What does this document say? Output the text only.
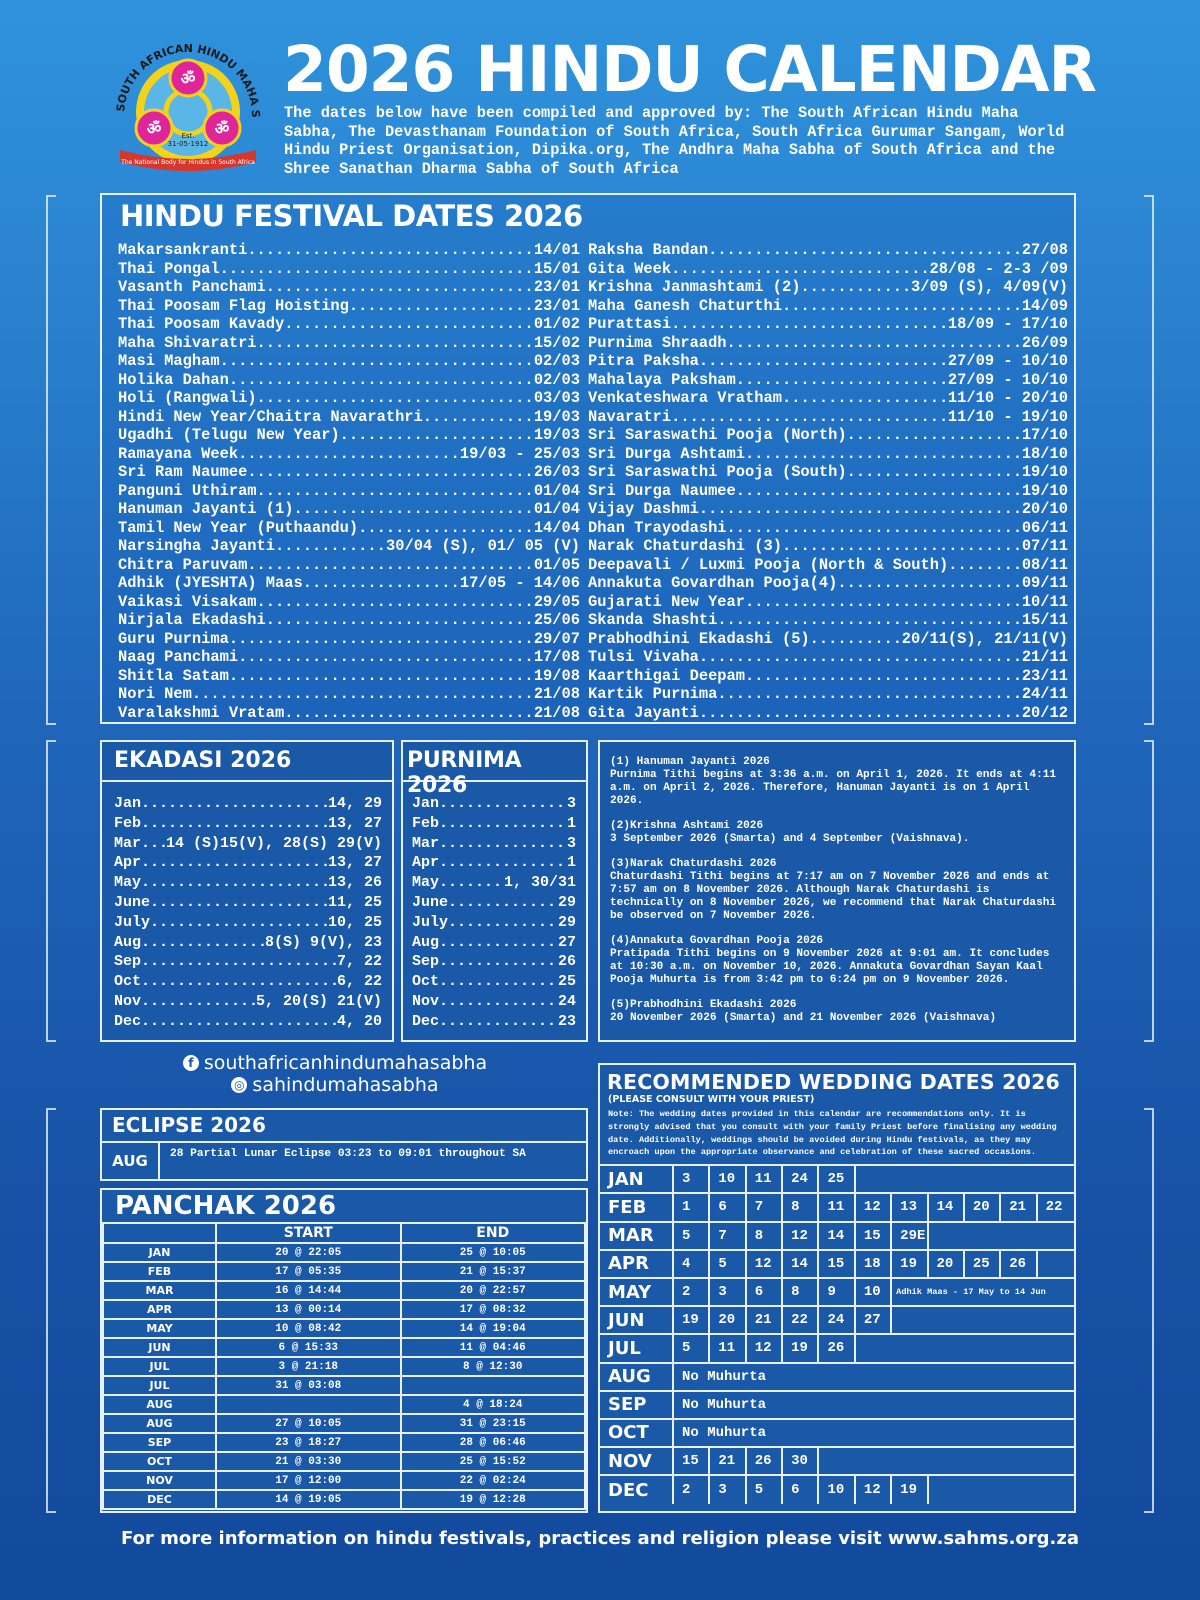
SOUTH AFRICAN HINDU MAHA S
ॐ
ॐ	ॐ
Est.
31-05-1912
The National Body for Hindus in South Africa
2026 HINDU CALENDAR
The dates below have been compiled and approved by: The South African Hindu Maha Sabha, The Devasthanam Foundation of South Africa, South Africa Gurumar Sangam, World Hindu Priest Organisation, Dipika.org, The Andhra Maha Sabha of South Africa and the Shree Sanathan Dharma Sabha of South Africa
HINDU FESTIVAL DATES 2026
Makarsankranti .....	14/01
Thai Pongal .....	15/01
Vasanth Panchami .....	23/01
Thai Poosam Flag Hoisting .....	23/01
Thai Poosam Kavady .....	01/02
Maha Shivaratri .....	15/02
Masi Magham .....	02/03
Holika Dahan .....	02/03
Holi (Rangwali) .....	03/03
Hindi New Year/Chaitra Navarathri .....	19/03
Ugadhi (Telugu New Year) .....	19/03
Ramayana Week .....	19/03 - 25/03
Sri Ram Naumee .....	26/03
Panguni Uthiram .....	01/04
Hanuman Jayanti (1) .....	01/04
Tamil New Year (Puthaandu) .....	14/04
Narsingha Jayanti .....	30/04 (S), 01/ 05 (V)
Chitra Paruvam .....	01/05
Adhik (JYESHTA) Maas .....	17/05 - 14/06
Vaikasi Visakam .....	29/05
Nirjala Ekadashi .....	25/06
Guru Purnima .....	29/07
Naag Panchami .....	17/08
Shitla Satam .....	19/08
Nori Nem .....	21/08
Varalakshmi Vratam .....	21/08
Raksha Bandan .....	27/08
Gita Week .....	28/08 - 2-3 /09
Krishna Janmashtami (2) .....	3/09 (S), 4/09(V)
Maha Ganesh Chaturthi .....	14/09
Purattasi .....	18/09 - 17/10
Purnima Shraadh .....	26/09
Pitra Paksha .....	27/09 - 10/10
Mahalaya Paksham .....	27/09 - 10/10
Venkateshwara Vratham .....	11/10 - 20/10
Navaratri .....	11/10 - 19/10
Sri Saraswathi Pooja (North) .....	17/10
Sri Durga Ashtami .....	18/10
Sri Saraswathi Pooja (South) .....	19/10
Sri Durga Naumee .....	19/10
Vijay Dashmi .....	20/10
Dhan Trayodashi .....	06/11
Narak Chaturdashi (3) .....	07/11
Deepavali / Luxmi Pooja (North & South) .....	08/11
Annakuta Govardhan Pooja(4) .....	09/11
Gujarati New Year .....	10/11
Skanda Shashti .....	15/11
Prabhodhini Ekadashi (5) .....	20/11(S), 21/11(V)
Tulsi Vivaha .....	21/11
Kaarthigai Deepam .....	23/11
Kartik Purnima .....	24/11
Gita Jayanti .....	20/12
EKADASI 2026
Jan .....	14, 29
Feb .....	13, 27
Mar ..... 14 (S)15(V), 28(S) 29(V)
Apr .....	13, 27
May .....	13, 26
June .....	11, 25
July .....	10, 25
Aug .....	8(S) 9(V), 23
Sep .....	7, 22
Oct .....	6, 22
Nov .....	5, 20(S) 21(V)
Dec .....	4, 20
PURNIMA 2026
Jan .....	3
Feb .....	1
Mar .....	3
Apr .....	1
May .....	1, 30/31
June .....	29
July .....	29
Aug .....	27
Sep .....	26
Oct .....	25
Nov .....	24
Dec .....	23

(1) Hanuman Jayanti 2026
Purnima Tithi begins at 3:36 a.m. on April 1, 2026. It ends at 4:11 a.m. on April 2, 2026. Therefore, Hanuman Jayanti is on 1 April 2026.

(2)Krishna Ashtami 2026
3 September 2026 (Smarta) and 4 September (Vaishnava).

(3)Narak Chaturdashi 2026
Chaturdashi Tithi begins at 7:17 am on 7 November 2026 and ends at 7:57 am on 8 November 2026. Although Narak Chaturdashi is technically on 8 November 2026, we recommend that Narak Chaturdashi be observed on 7 November 2026.

(4)Annakuta Govardhan Pooja 2026
Pratipada Tithi begins on 9 November 2026 at 9:01 am. It concludes at 10:30 a.m. on November 10, 2026. Annakuta Govardhan Sayan Kaal Pooja Muhurta is from 3:42 pm to 6:24 pm on 9 November 2026.

(5)Prabhodhini Ekadashi 2026
20 November 2026 (Smarta) and 21 November 2026 (Vaishnava)

f southafricanhindumahasabha
◎ sahindumahasabha
ECLIPSE 2026
AUG	28 Partial Lunar Eclipse 03:23 to 09:01 throughout SA
PANCHAK 2026
	START	END
JAN	20 @ 22:05	25 @ 10:05
FEB	17 @ 05:35	21 @ 15:37
MAR	16 @ 14:44	20 @ 22:57
APR	13 @ 00:14	17 @ 08:32
MAY	10 @ 08:42	14 @ 19:04
JUN	6 @ 15:33	11 @ 04:46
JUL	3 @ 21:18	8 @ 12:30
JUL	31 @ 03:08	
AUG		4 @ 18:24
AUG	27 @ 10:05	31 @ 23:15
SEP	23 @ 18:27	28 @ 06:46
OCT	21 @ 03:30	25 @ 15:52
NOV	17 @ 12:00	22 @ 02:24
DEC	14 @ 19:05	19 @ 12:28
RECOMMENDED WEDDING DATES 2026
(PLEASE CONSULT WITH YOUR PRIEST)
Note: The wedding dates provided in this calendar are recommendations only. It is strongly advised that you consult with your family Priest before finalising any wedding date. Additionally, weddings should be avoided during Hindu festivals, as they may encroach upon the appropriate observance and celebration of these sacred occasions.
JAN	3	10	11	24	25
FEB	1	6	7	8	11	12	13	14	20	21	22
MAR	5	7	8	12	14	15	29E
APR	4	5	12	14	15	18	19	20	25	26
MAY	2	3	6	8	9	10	Adhik Maas - 17 May to 14 Jun
JUN	19	20	21	22	24	27
JUL	5	11	12	19	26
AUG	No Muhurta
SEP	No Muhurta
OCT	No Muhurta
NOV	15	21	26	30
DEC	2	3	5	6	10	12	19
For more information on hindu festivals, practices and religion please visit www.sahms.org.za
